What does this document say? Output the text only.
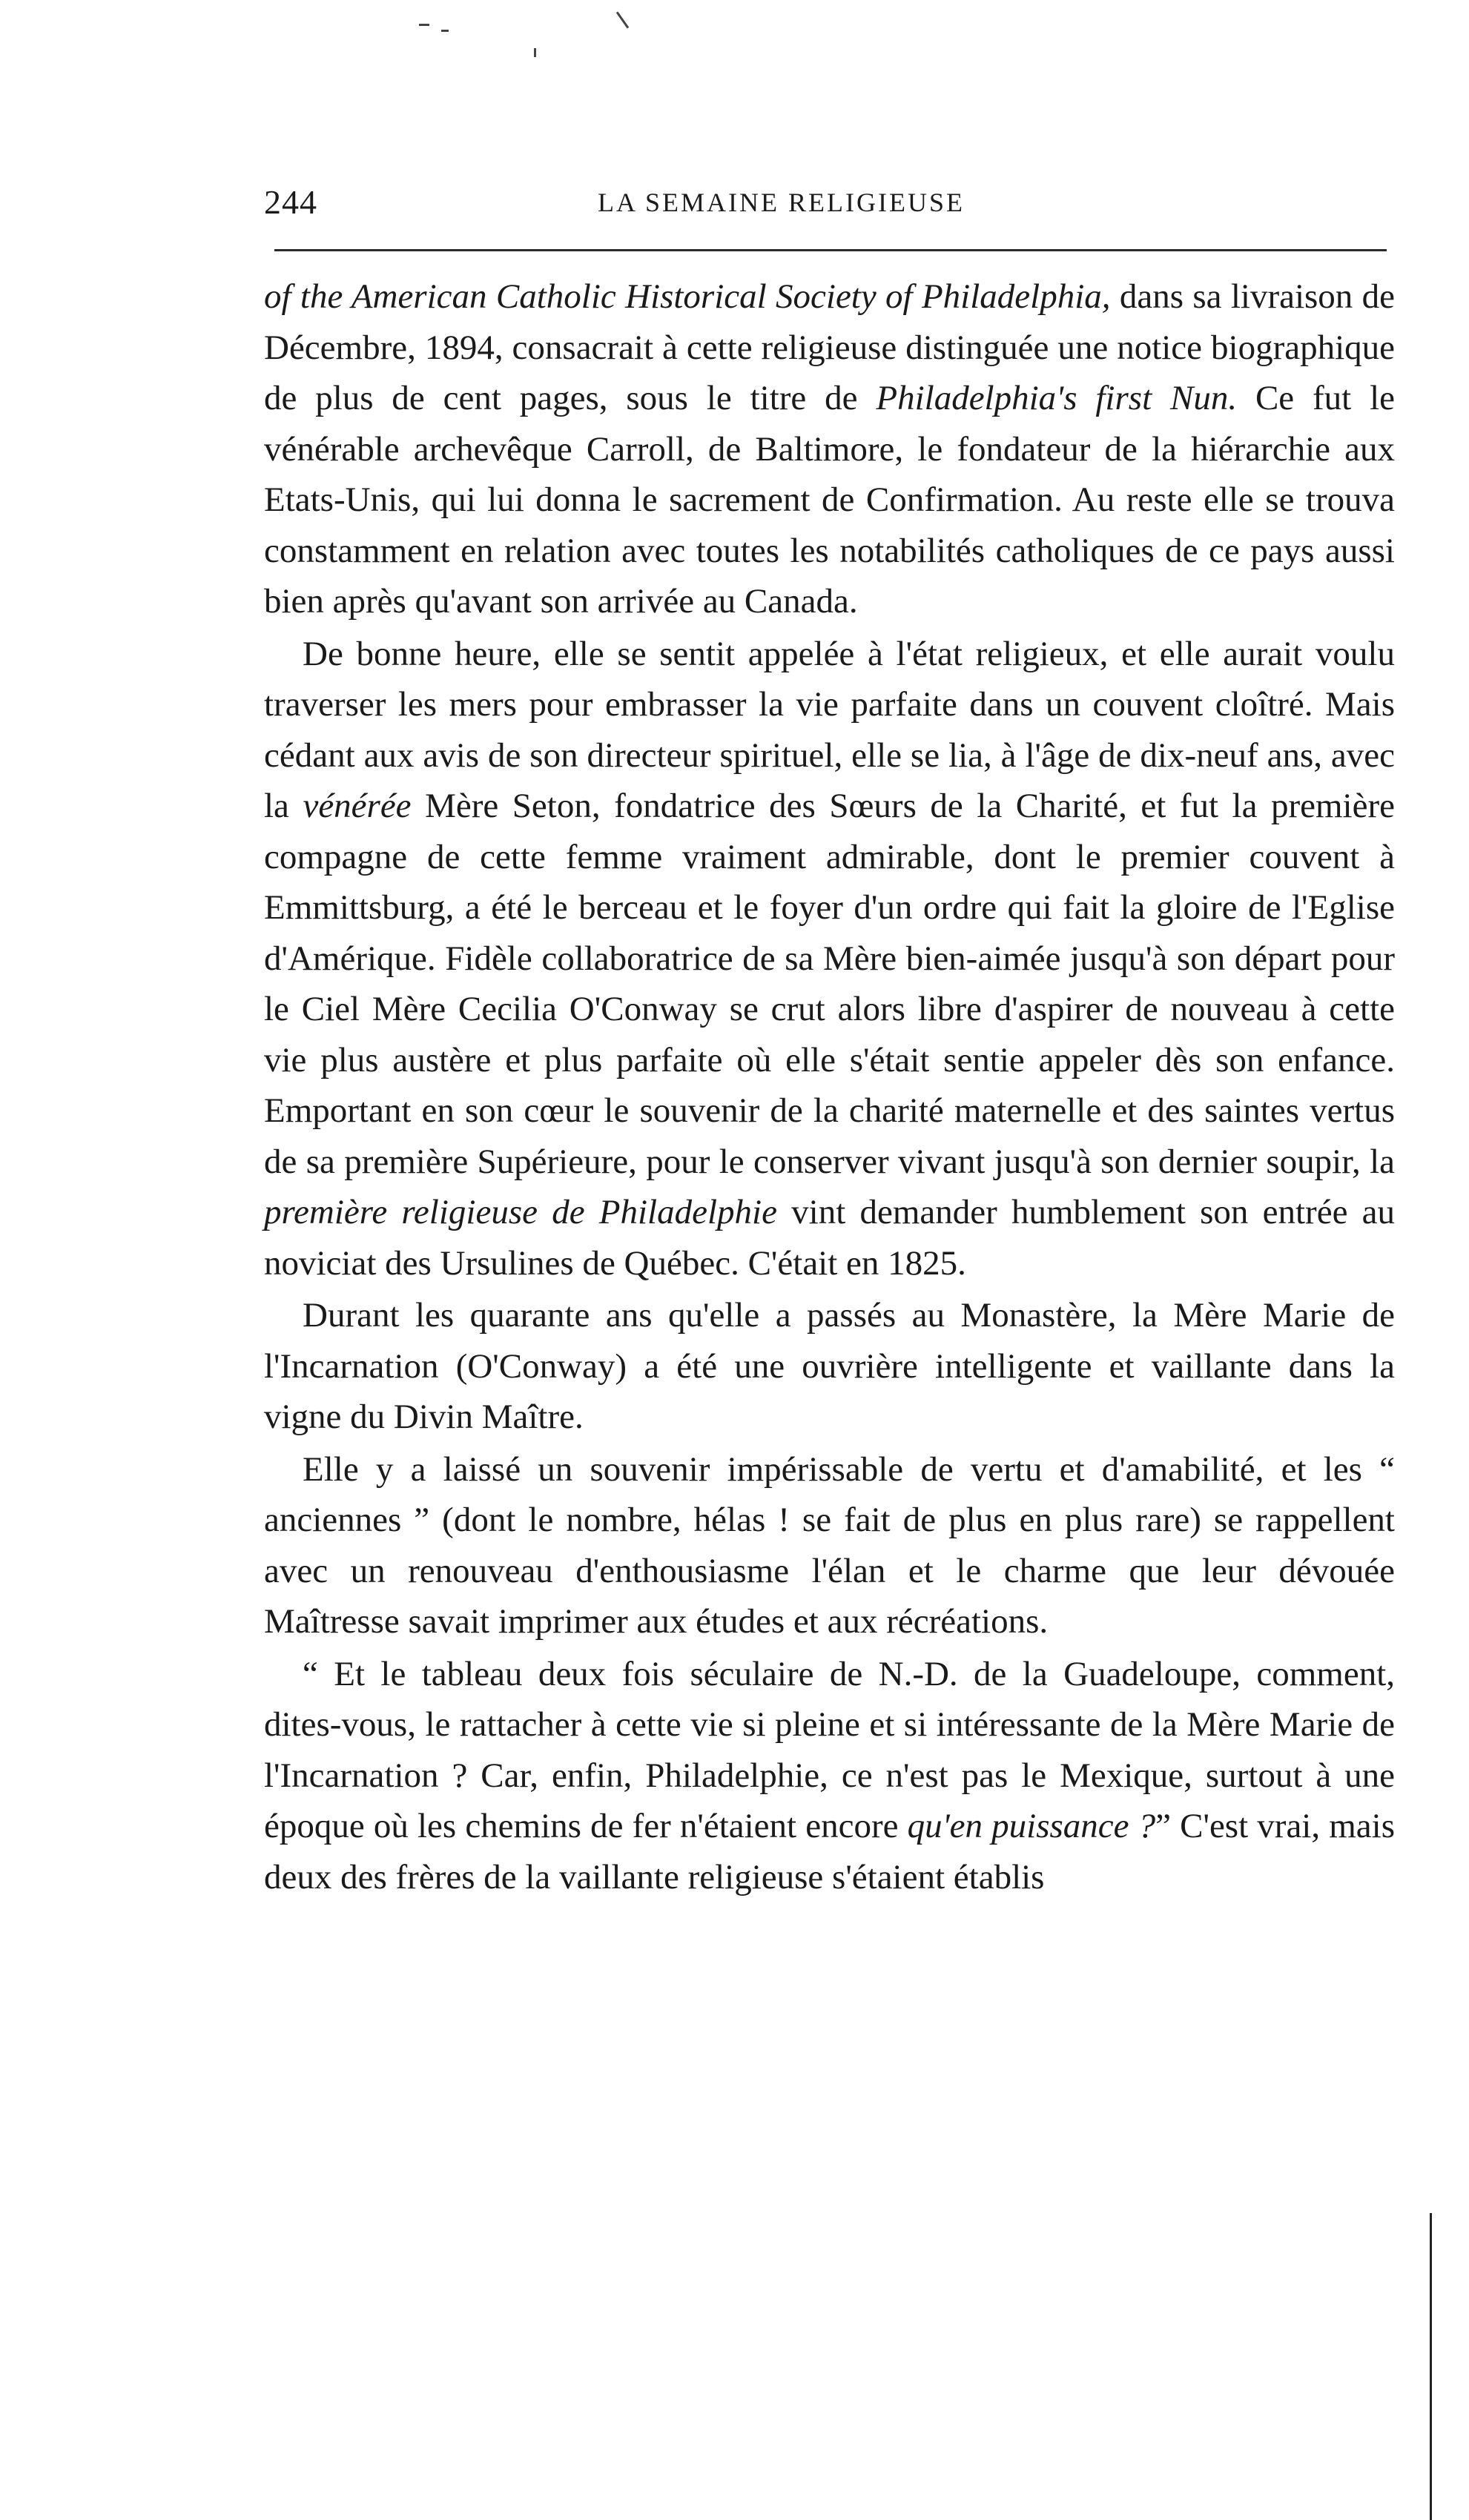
244	LA SEMAINE RELIGIEUSE

of the American Catholic Historical Society of Philadelphia, dans sa livraison de Décembre, 1894, consacrait à cette religieuse distinguée une notice biographique de plus de cent pages, sous le titre de Philadelphia's first Nun. Ce fut le vénérable archevêque Carroll, de Baltimore, le fondateur de la hiérarchie aux Etats-Unis, qui lui donna le sacrement de Confirmation. Au reste elle se trouva constamment en relation avec toutes les notabilités catholiques de ce pays aussi bien après qu'avant son arrivée au Canada.

De bonne heure, elle se sentit appelée à l'état religieux, et elle aurait voulu traverser les mers pour embrasser la vie parfaite dans un couvent cloîtré. Mais cédant aux avis de son directeur spirituel, elle se lia, à l'âge de dix-neuf ans, avec la vénérée Mère Seton, fondatrice des Sœurs de la Charité, et fut la première compagne de cette femme vraiment admirable, dont le premier couvent à Emmittsburg, a été le berceau et le foyer d'un ordre qui fait la gloire de l'Eglise d'Amérique. Fidèle collaboratrice de sa Mère bien-aimée jusqu'à son départ pour le Ciel Mère Cecilia O'Conway se crut alors libre d'aspirer de nouveau à cette vie plus austère et plus parfaite où elle s'était sentie appeler dès son enfance. Emportant en son cœur le souvenir de la charité maternelle et des saintes vertus de sa première Supérieure, pour le conserver vivant jusqu'à son dernier soupir, la première religieuse de Philadelphie vint demander humblement son entrée au noviciat des Ursulines de Québec. C'était en 1825.

Durant les quarante ans qu'elle a passés au Monastère, la Mère Marie de l'Incarnation (O'Conway) a été une ouvrière intelligente et vaillante dans la vigne du Divin Maître.

Elle y a laissé un souvenir impérissable de vertu et d'amabilité, et les “ anciennes ” (dont le nombre, hélas ! se fait de plus en plus rare) se rappellent avec un renouveau d'enthousiasme l'élan et le charme que leur dévouée Maîtresse savait imprimer aux études et aux récréations.

“ Et le tableau deux fois séculaire de N.-D. de la Guadeloupe, comment, dites-vous, le rattacher à cette vie si pleine et si intéressante de la Mère Marie de l'Incarnation ? Car, enfin, Philadelphie, ce n'est pas le Mexique, surtout à une époque où les chemins de fer n'étaient encore qu'en puissance ?” C'est vrai, mais deux des frères de la vaillante religieuse s'étaient établis
